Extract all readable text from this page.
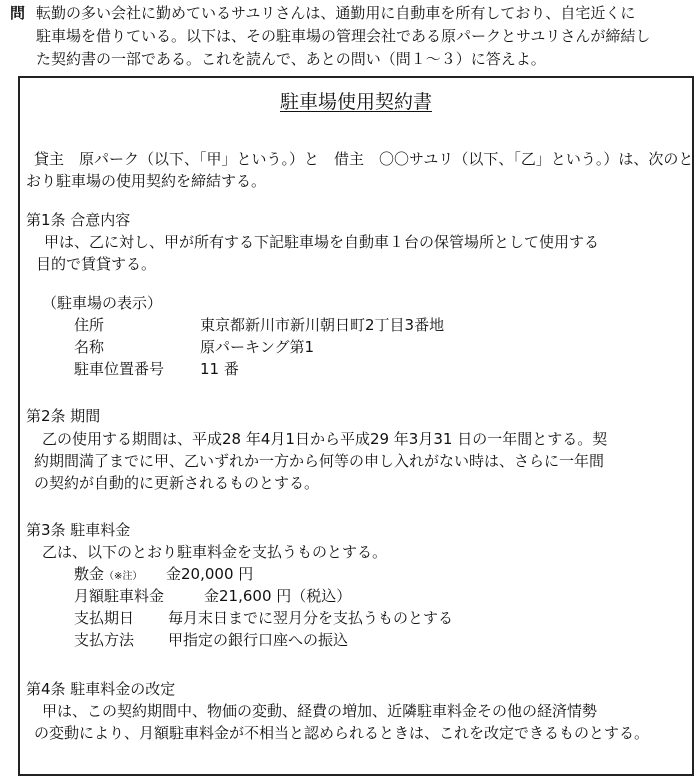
問 転勤の多い会社に勤めているサユリさんは、通勤用に自動車を所有しており、自宅近くに
駐車場を借りている。以下は、その駐車場の管理会社である原パークとサユリさんが締結し
た契約書の一部である。これを読んで、あとの問い（問１～３）に答えよ。
駐車場使用契約書
貸主　原パーク（以下、「甲」という。）と　借主　〇〇サユリ（以下、「乙」という。）は、次のと
おり駐車場の使用契約を締結する。
第1条 合意内容
甲は、乙に対し、甲が所有する下記駐車場を自動車１台の保管場所として使用する
目的で賃貸する。
（駐車場の表示）
住所	東京都新川市新川朝日町2丁目3番地
名称	原パーキング第1
駐車位置番号 11 番
第2条 期間
乙の使用する期間は、平成28 年4月1日から平成29 年3月31 日の一年間とする。契
約期間満了までに甲、乙いずれか一方から何等の申し入れがない時は、さらに一年間
の契約が自動的に更新されるものとする。
第3条 駐車料金
乙は、以下のとおり駐車料金を支払うものとする。
敷金（※注） 金20,000 円
月額駐車料金	金21,600 円（税込）
支払期日 毎月末日までに翌月分を支払うものとする
支払方法 甲指定の銀行口座への振込
第4条 駐車料金の改定
甲は、この契約期間中、物価の変動、経費の増加、近隣駐車料金その他の経済情勢
の変動により、月額駐車料金が不相当と認められるときは、これを改定できるものとする。
